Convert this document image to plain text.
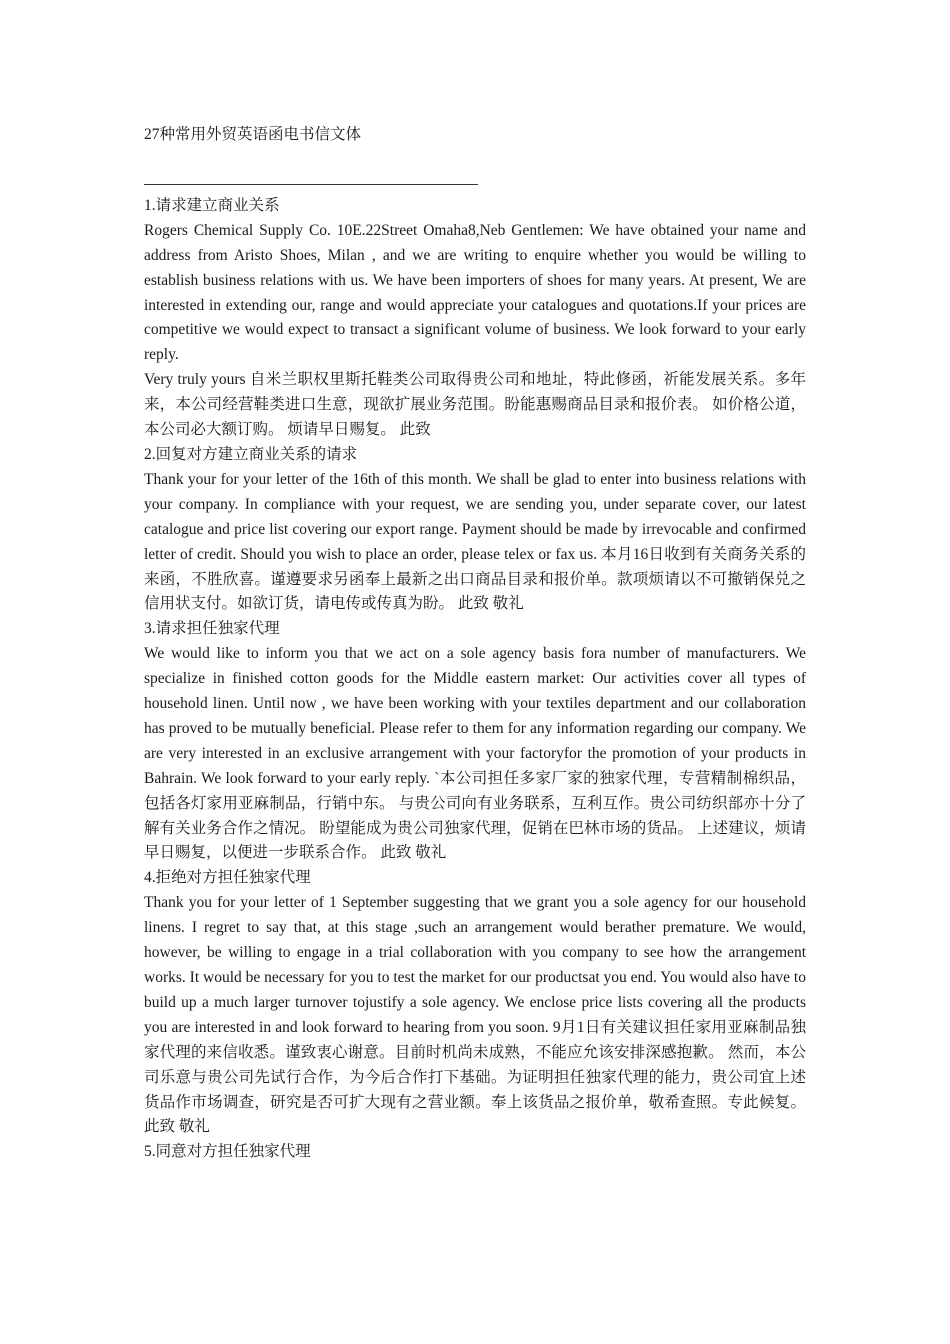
27种常用外贸英语函电书信文体
1.请求建立商业关系

Rogers Chemical Supply Co. 10E.22Street Omaha8,Neb Gentlemen: We have obtained your name and address from Aristo Shoes, Milan , and we are writing to enquire whether you would be willing to establish business relations with us. We have been importers of shoes for many years. At present, We are interested in extending our, range and would appreciate your catalogues and quotations.If your prices are competitive we would expect to transact a significant volume of business. We look forward to your early reply.

Very truly yours 自米兰职权里斯托鞋类公司取得贵公司和地址，特此修函，祈能发展关系。多年来，本公司经营鞋类进口生意，现欲扩展业务范围。盼能惠赐商品目录和报价表。 如价格公道，本公司必大额订购。 烦请早日赐复。 此致

2.回复对方建立商业关系的请求

Thank your for your letter of the 16th of this month. We shall be glad to enter into business relations with your company. In compliance with your request, we are sending you, under separate cover, our latest catalogue and price list covering our export range. Payment should be made by irrevocable and confirmed letter of credit. Should you wish to place an order, please telex or fax us. 本月16日收到有关商务关系的来函，不胜欣喜。谨遵要求另函奉上最新之出口商品目录和报价单。款项烦请以不可撤销保兑之信用状支付。如欲订货，请电传或传真为盼。 此致 敬礼

3.请求担任独家代理

We would like to inform you that we act on a sole agency basis fora number of manufacturers. We specialize in finished cotton goods for the Middle eastern market: Our activities cover all types of household linen. Until now , we have been working with your textiles department and our collaboration has proved to be mutually beneficial. Please refer to them for any information regarding our company. We are very interested in an exclusive arrangement with your factoryfor the promotion of your products in Bahrain. We look forward to your early reply. `本公司担任多家厂家的独家代理，专营精制棉织品，包括各灯家用亚麻制品，行销中东。 与贵公司向有业务联系，互利互作。贵公司纺织部亦十分了解有关业务合作之情况。 盼望能成为贵公司独家代理，促销在巴林市场的货品。 上述建议，烦请早日赐复，以便进一步联系合作。 此致 敬礼

4.拒绝对方担任独家代理

Thank you for your letter of 1 September suggesting that we grant you a sole agency for our household linens. I regret to say that, at this stage ,such an arrangement would berather premature. We would, however, be willing to engage in a trial collaboration with you company to see how the arrangement works. It would be necessary for you to test the market for our productsat you end. You would also have to build up a much larger turnover tojustify a sole agency. We enclose price lists covering all the products you are interested in and look forward to hearing from you soon. 9月1日有关建议担任家用亚麻制品独家代理的来信收悉。谨致衷心谢意。目前时机尚未成熟，不能应允该安排深感抱歉。 然而，本公司乐意与贵公司先试行合作，为今后合作打下基础。为证明担任独家代理的能力，贵公司宜上述货品作市场调查，研究是否可扩大现有之营业额。奉上该货品之报价单，敬希查照。专此候复。此致 敬礼

5.同意对方担任独家代理
